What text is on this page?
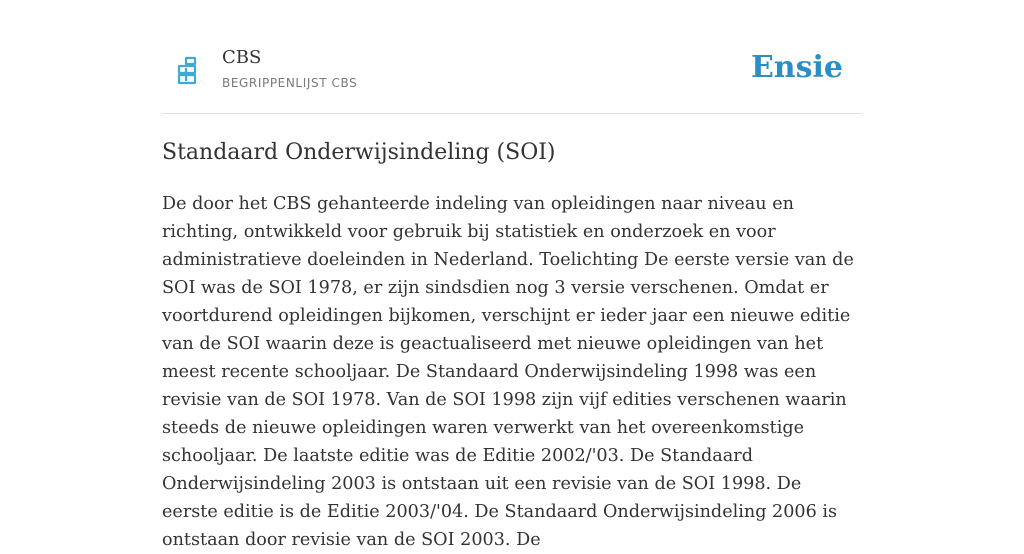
CBS
BEGRIPPENLIJST CBS	Ensie
Standaard Onderwijsindeling (SOI)

De door het CBS gehanteerde indeling van opleidingen naar niveau en richting, ontwikkeld voor gebruik bij statistiek en onderzoek en voor administratieve doeleinden in Nederland. Toelichting De eerste versie van de SOI was de SOI 1978, er zijn sindsdien nog 3 versie verschenen. Omdat er voortdurend opleidingen bijkomen, verschijnt er ieder jaar een nieuwe editie van de SOI waarin deze is geactualiseerd met nieuwe opleidingen van het meest recente schooljaar. De Standaard Onderwijsindeling 1998 was een revisie van de SOI 1978. Van de SOI 1998 zijn vijf edities verschenen waarin steeds de nieuwe opleidingen waren verwerkt van het overeenkomstige schooljaar. De laatste editie was de Editie 2002/'03. De Standaard Onderwijsindeling 2003 is ontstaan uit een revisie van de SOI 1998. De eerste editie is de Editie 2003/'04. De Standaard Onderwijsindeling 2006 is ontstaan door revisie van de SOI 2003. De
